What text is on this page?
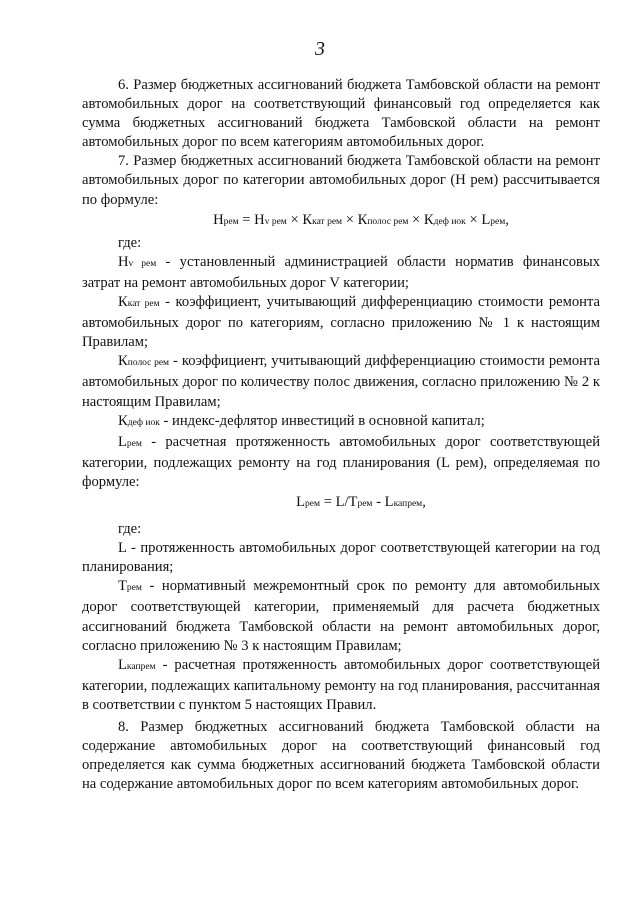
3

6. Размер бюджетных ассигнований бюджета Тамбовской области на ремонт автомобильных дорог на соответствующий финансовый год определяется как сумма бюджетных ассигнований бюджета Тамбовской области на ремонт автомобильных дорог по всем категориям автомобильных дорог.

7. Размер бюджетных ассигнований бюджета Тамбовской области на ремонт автомобильных дорог по категории автомобильных дорог (Н рем) рассчитывается по формуле:

Нрем = Нv рем × Ккат рем × Кполос рем × Кдеф иок × Lрем,

где:

Нv рем - установленный администрацией области норматив финансовых затрат на ремонт автомобильных дорог V категории;

Ккат рем - коэффициент, учитывающий дифференциацию стоимости ремонта автомобильных дорог по категориям, согласно приложению № 1 к настоящим Правилам;

Кполос рем - коэффициент, учитывающий дифференциацию стоимости ремонта автомобильных дорог по количеству полос движения, согласно приложению № 2 к настоящим Правилам;

Кдеф иок - индекс-дефлятор инвестиций в основной капитал;

Lрем - расчетная протяженность автомобильных дорог соответствующей категории, подлежащих ремонту на год планирования (L рем), определяемая по формуле:

Lрем = L/Tрем - Lкапрем,

где:

L - протяженность автомобильных дорог соответствующей категории на год планирования;

Трем - нормативный межремонтный срок по ремонту для автомобильных дорог соответствующей категории, применяемый для расчета бюджетных ассигнований бюджета Тамбовской области на ремонт автомобильных дорог, согласно приложению № 3 к настоящим Правилам;

Lкапрем - расчетная протяженность автомобильных дорог соответствующей категории, подлежащих капитальному ремонту на год планирования, рассчитанная в соответствии с пунктом 5 настоящих Правил.

8. Размер бюджетных ассигнований бюджета Тамбовской области на содержание автомобильных дорог на соответствующий финансовый год определяется как сумма бюджетных ассигнований бюджета Тамбовской области на содержание автомобильных дорог по всем категориям автомобильных дорог.
